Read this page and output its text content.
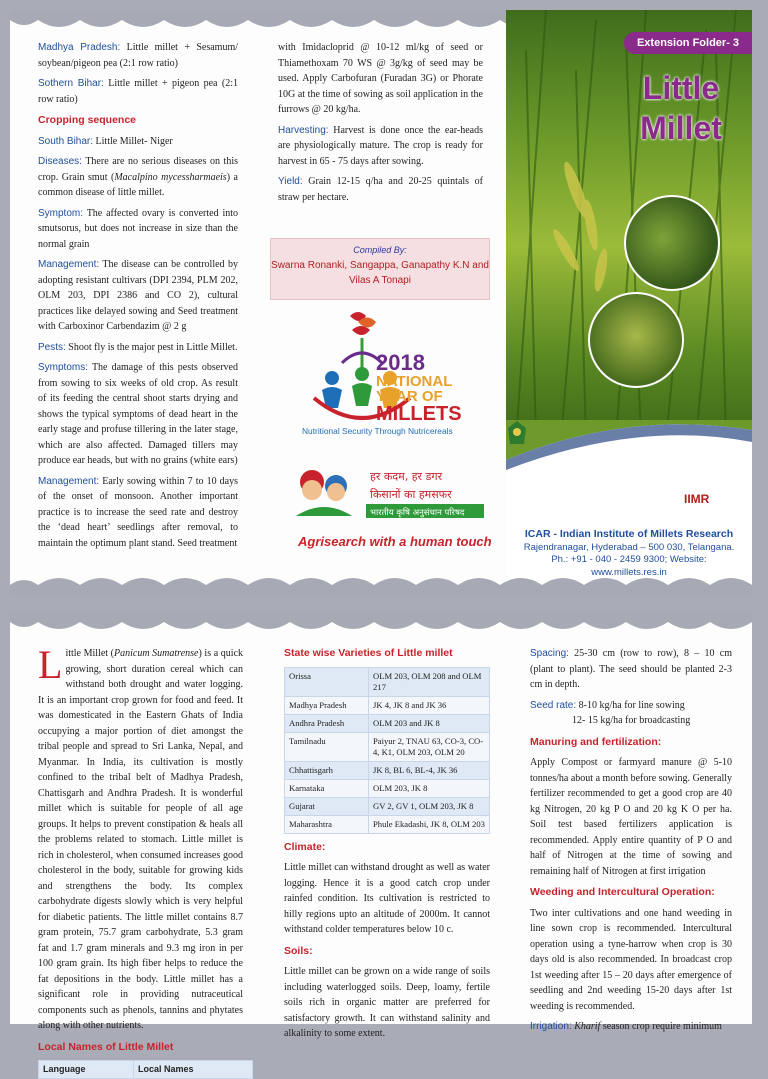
Madhya Pradesh: Little millet + Sesamum/ soybean/pigeon pea (2:1 row ratio)

Sothern Bihar: Little millet + pigeon pea (2:1 row ratio)

Cropping sequence

South Bihar: Little Millet- Niger

Diseases: There are no serious diseases on this crop. Grain smut (Macalpino mycessharmaeis) a common disease of little millet.

Symptom: The affected ovary is converted into smutsorus, but does not increase in size than the normal grain

Management: The disease can be controlled by adopting resistant cultivars (DPI 2394, PLM 202, OLM 203, DPI 2386 and CO 2), cultural practices like delayed sowing and Seed treatment with Carboxinor Carbendazim @ 2 g

Pests: Shoot fly is the major pest in Little Millet.

Symptoms: The damage of this pests observed from sowing to six weeks of old crop. As result of its feeding the central shoot starts drying and shows the typical symptoms of dead heart in the early stage and profuse tillering in the later stage, which are also affected. Damaged tillers may produce ear heads, but with no grains (white ears)

Management: Early sowing within 7 to 10 days of the onset of monsoon. Another important practice is to increase the seed rate and destroy the ‘dead heart’ seedlings after removal, to maintain the optimum plant stand. Seed treatment

with Imidacloprid @ 10-12 ml/kg of seed or Thiamethoxam 70 WS @ 3g/kg of seed may be used. Apply Carbofuran (Furadan 3G) or Phorate 10G at the time of sowing as soil application in the furrows @ 20 kg/ha.

Harvesting: Harvest is done once the ear-heads are physiologically mature. The crop is ready for harvest in 65 - 75 days after sowing.

Yield: Grain 12-15 q/ha and 20-25 quintals of straw per hectare.

Compiled By:
Swarna Ronanki, Sangappa, Ganapathy K.N and Vilas A Tonapi
2018
NATIONAL
YEAR OF
MILLETS
Nutritional Security Through Nutricereals
हर कदम, हर डगर
किसानों का हमसफर
भारतीय कृषि अनुसंधान परिषद
Agrisearch with a human touch
Extension Folder- 3
Little
Millet
IIMR
ICAR - Indian Institute of Millets Research
Rajendranagar, Hyderabad – 500 030, Telangana.
Ph.: +91 - 040 - 2459 9300; Website:
www.millets.res.in

Little Millet (Panicum Sumatrense) is a quick growing, short duration cereal which can withstand both drought and water logging. It is an important crop grown for food and feed. It was domesticated in the Eastern Ghats of India occupying a major portion of diet amongst the tribal people and spread to Sri Lanka, Nepal, and Myanmar. In India, its cultivation is mostly confined to the tribal belt of Madhya Pradesh, Chattisgarh and Andhra Pradesh. It is wonderful millet which is suitable for people of all age groups. It helps to prevent constipation & heals all the problems related to stomach. Little millet is rich in cholesterol, when consumed increases good cholesterol in the body, suitable for growing kids and strengthens the body. Its complex carbohydrate digests slowly which is very helpful for diabetic patients. The little millet contains 8.7 gram protein, 75.7 gram carbohydrate, 5.3 gram fat and 1.7 gram minerals and 9.3 mg iron in per 100 gram grain. Its high fiber helps to reduce the fat depositions in the body. Little millet has a significant role in providing nutraceutical components such as phenols, tannins and phytates along with other nutrients.

Local Names of Little Millet
Language	Local Names
State wise Varieties of Little millet
Orissa	OLM 203, OLM 208 and OLM 217
Madhya Pradesh	JK 4, JK 8 and JK 36
Andhra Pradesh	OLM 203 and JK 8
Tamilnadu	Paiyur 2, TNAU 63, CO-3, CO-4, K1, OLM 203, OLM 20
Chhattisgarh	JK 8, BL 6, BL-4, JK 36
Karnataka	OLM 203, JK 8
Gujarat	GV 2, GV 1, OLM 203, JK 8
Maharashtra	Phule Ekadashi, JK 8, OLM 203
Climate:

Little millet can withstand drought as well as water logging. Hence it is a good catch crop under rainfed condition. Its cultivation is restricted to hilly regions upto an altitude of 2000m. It cannot withstand colder temperatures below 10 c.

Soils:

Little millet can be grown on a wide range of soils including waterlogged soils. Deep, loamy, fertile soils rich in organic matter are preferred for satisfactory growth. It can withstand salinity and alkalinity to some extent.

Spacing: 25-30 cm (row to row), 8 – 10 cm (plant to plant). The seed should be planted 2-3 cm in depth.

Seed rate: 8-10 kg/ha for line sowing

12- 15 kg/ha for broadcasting

Manuring and fertilization:

Apply Compost or farmyard manure @ 5-10 tonnes/ha about a month before sowing. Generally fertilizer recommended to get a good crop are 40 kg Nitrogen, 20 kg P O and 20 kg K O per ha. Soil test based fertilizers application is recommended. Apply entire quantity of P O and half of Nitrogen at the time of sowing and remaining half of Nitrogen at first irrigation

Weeding and Intercultural Operation:

Two inter cultivations and one hand weeding in line sown crop is recommended. Intercultural operation using a tyne-harrow when crop is 30 days old is also recommended. In broadcast crop 1st weeding after 15 – 20 days after emergence of seedling and 2nd weeding 15-20 days after 1st weeding is recommended.

Irrigation: Kharif season crop require minimum
